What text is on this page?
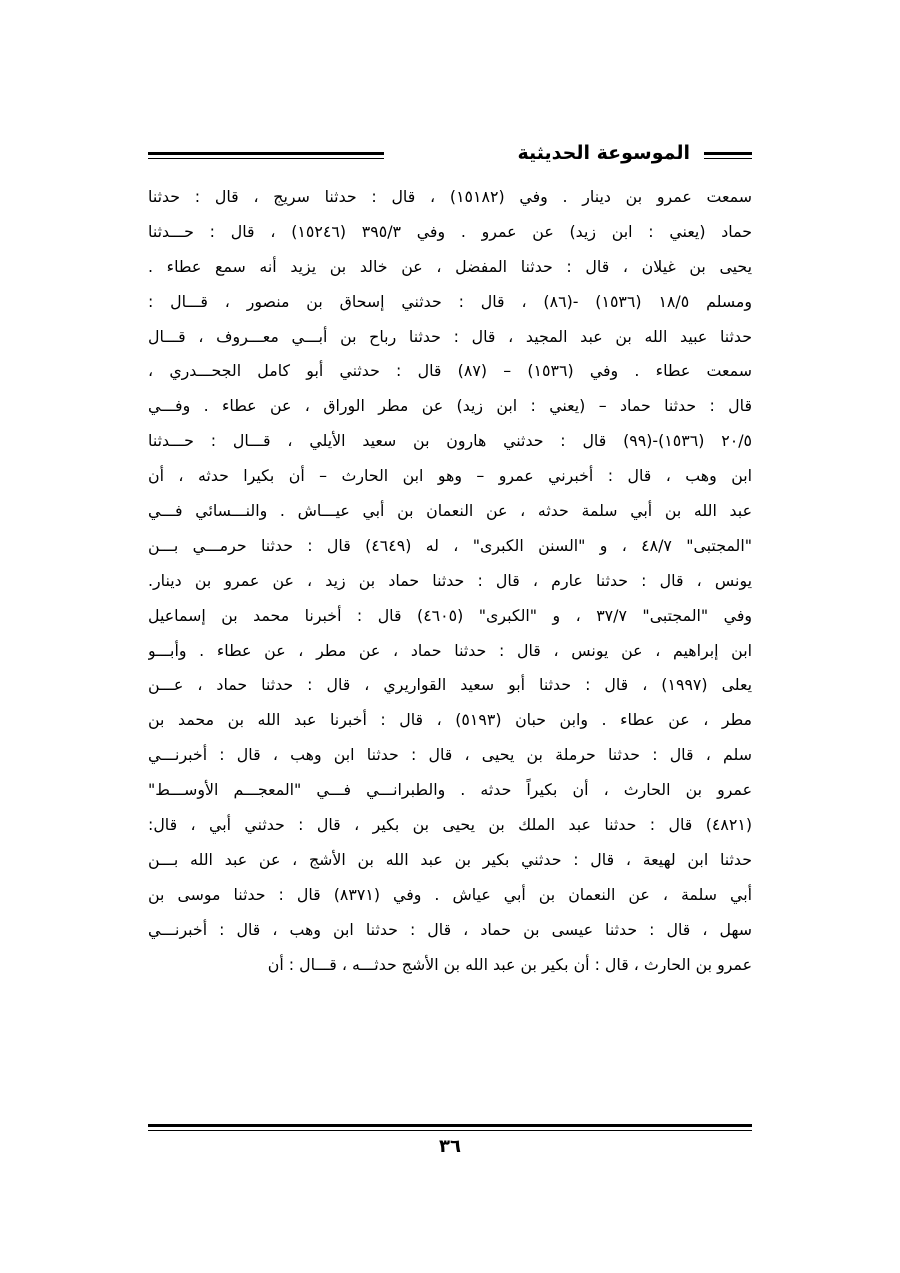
الموسوعة الحديثية
سمعت عمرو بن دينار . وفي (١٥١٨٢) ، قال : حدثنا سريج ، قال : حدثنا
حماد (يعني : ابن زيد) عن عمرو . وفي ٣٩٥/٣ (١٥٢٤٦) ، قال : حـــدثنا
يحيى بن غيلان ، قال : حدثنا المفضل ، عن خالد بن يزيد أنه سمع عطاء .
ومسلم ١٨/٥ (١٥٣٦) -(٨٦) ، قال : حدثني إسحاق بن منصور ، قـــال :
حدثنا عبيد الله بن عبد المجيد ، قال : حدثنا رباح بن أبـــي معـــروف ، قـــال
سمعت عطاء . وفي (١٥٣٦) – (٨٧) قال : حدثني أبو كامل الجحـــدري ،
قال : حدثنا حماد – (يعني : ابن زيد) عن مطر الوراق ، عن عطاء . وفـــي
٢٠/٥ (١٥٣٦)-(٩٩) قال : حدثني هارون بن سعيد الأيلي ، قـــال : حـــدثنا
ابن وهب ، قال : أخبرني عمرو – وهو ابن الحارث – أن بكيرا حدثه ، أن
عبد الله بن أبي سلمة حدثه ، عن النعمان بن أبي عيـــاش . والنـــسائي فـــي
"المجتبى" ٤٨/٧ ، و "السنن الكبرى" ، له (٤٦٤٩) قال : حدثنا حرمـــي بـــن
يونس ، قال : حدثنا عارم ، قال : حدثنا حماد بن زيد ، عن عمرو بن دينار.
وفي "المجتبى" ٣٧/٧ ، و "الكبرى" (٤٦٠٥) قال : أخبرنا محمد بن إسماعيل
ابن إبراهيم ، عن يونس ، قال : حدثنا حماد ، عن مطر ، عن عطاء . وأبـــو
يعلى (١٩٩٧) ، قال : حدثنا أبو سعيد القواريري ، قال : حدثنا حماد ، عـــن
مطر ، عن عطاء . وابن حبان (٥١٩٣) ، قال : أخبرنا عبد الله بن محمد بن
سلم ، قال : حدثنا حرملة بن يحيى ، قال : حدثنا ابن وهب ، قال : أخبرنـــي
عمرو بن الحارث ، أن بكيراً حدثه . والطبرانـــي فـــي "المعجـــم الأوســـط"
(٤٨٢١) قال : حدثنا عبد الملك بن يحيى بن بكير ، قال : حدثني أبي ، قال:
حدثنا ابن لهيعة ، قال : حدثني بكير بن عبد الله بن الأشج ، عن عبد الله بـــن
أبي سلمة ، عن النعمان بن أبي عياش . وفي (٨٣٧١) قال : حدثنا موسى بن
سهل ، قال : حدثنا عيسى بن حماد ، قال : حدثنا ابن وهب ، قال : أخبرنـــي
عمرو بن الحارث ، قال : أن بكير بن عبد الله بن الأشج حدثـــه ، قـــال : أن
٣٦
